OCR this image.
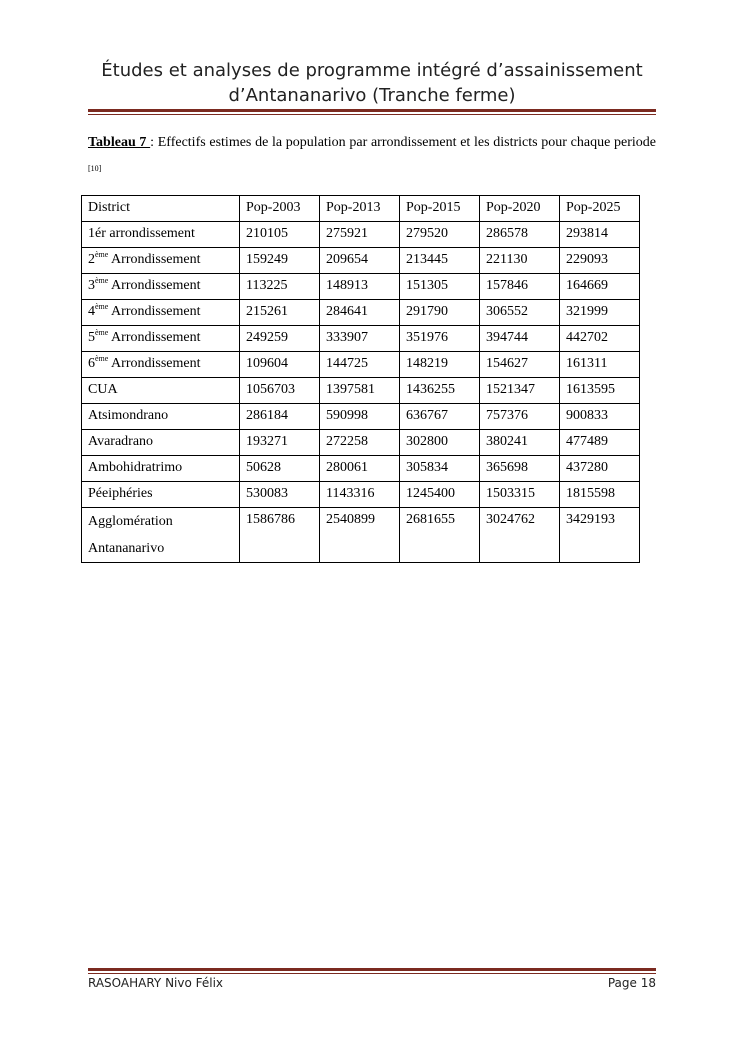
Études et analyses de programme intégré d’assainissement
d’Antananarivo (Tranche ferme)
Tableau 7 : Effectifs estimes de la population par arrondissement et les districts pour chaque periode [10]
District	Pop-2003	Pop-2013	Pop-2015	Pop-2020	Pop-2025
1ér arrondissement	210105	275921	279520	286578	293814
2ème Arrondissement	159249	209654	213445	221130	229093
3ème Arrondissement	113225	148913	151305	157846	164669
4ème Arrondissement	215261	284641	291790	306552	321999
5ème Arrondissement	249259	333907	351976	394744	442702
6ème Arrondissement	109604	144725	148219	154627	161311
CUA	1056703	1397581	1436255	1521347	1613595
Atsimondrano	286184	590998	636767	757376	900833
Avaradrano	193271	272258	302800	380241	477489
Ambohidratrimo	50628	280061	305834	365698	437280
Péeiphéries	530083	1143316	1245400	1503315	1815598

Agglomération
Antananarivo	1586786	2540899	2681655	3024762	3429193
RASOAHARY Nivo Félix	Page 18
